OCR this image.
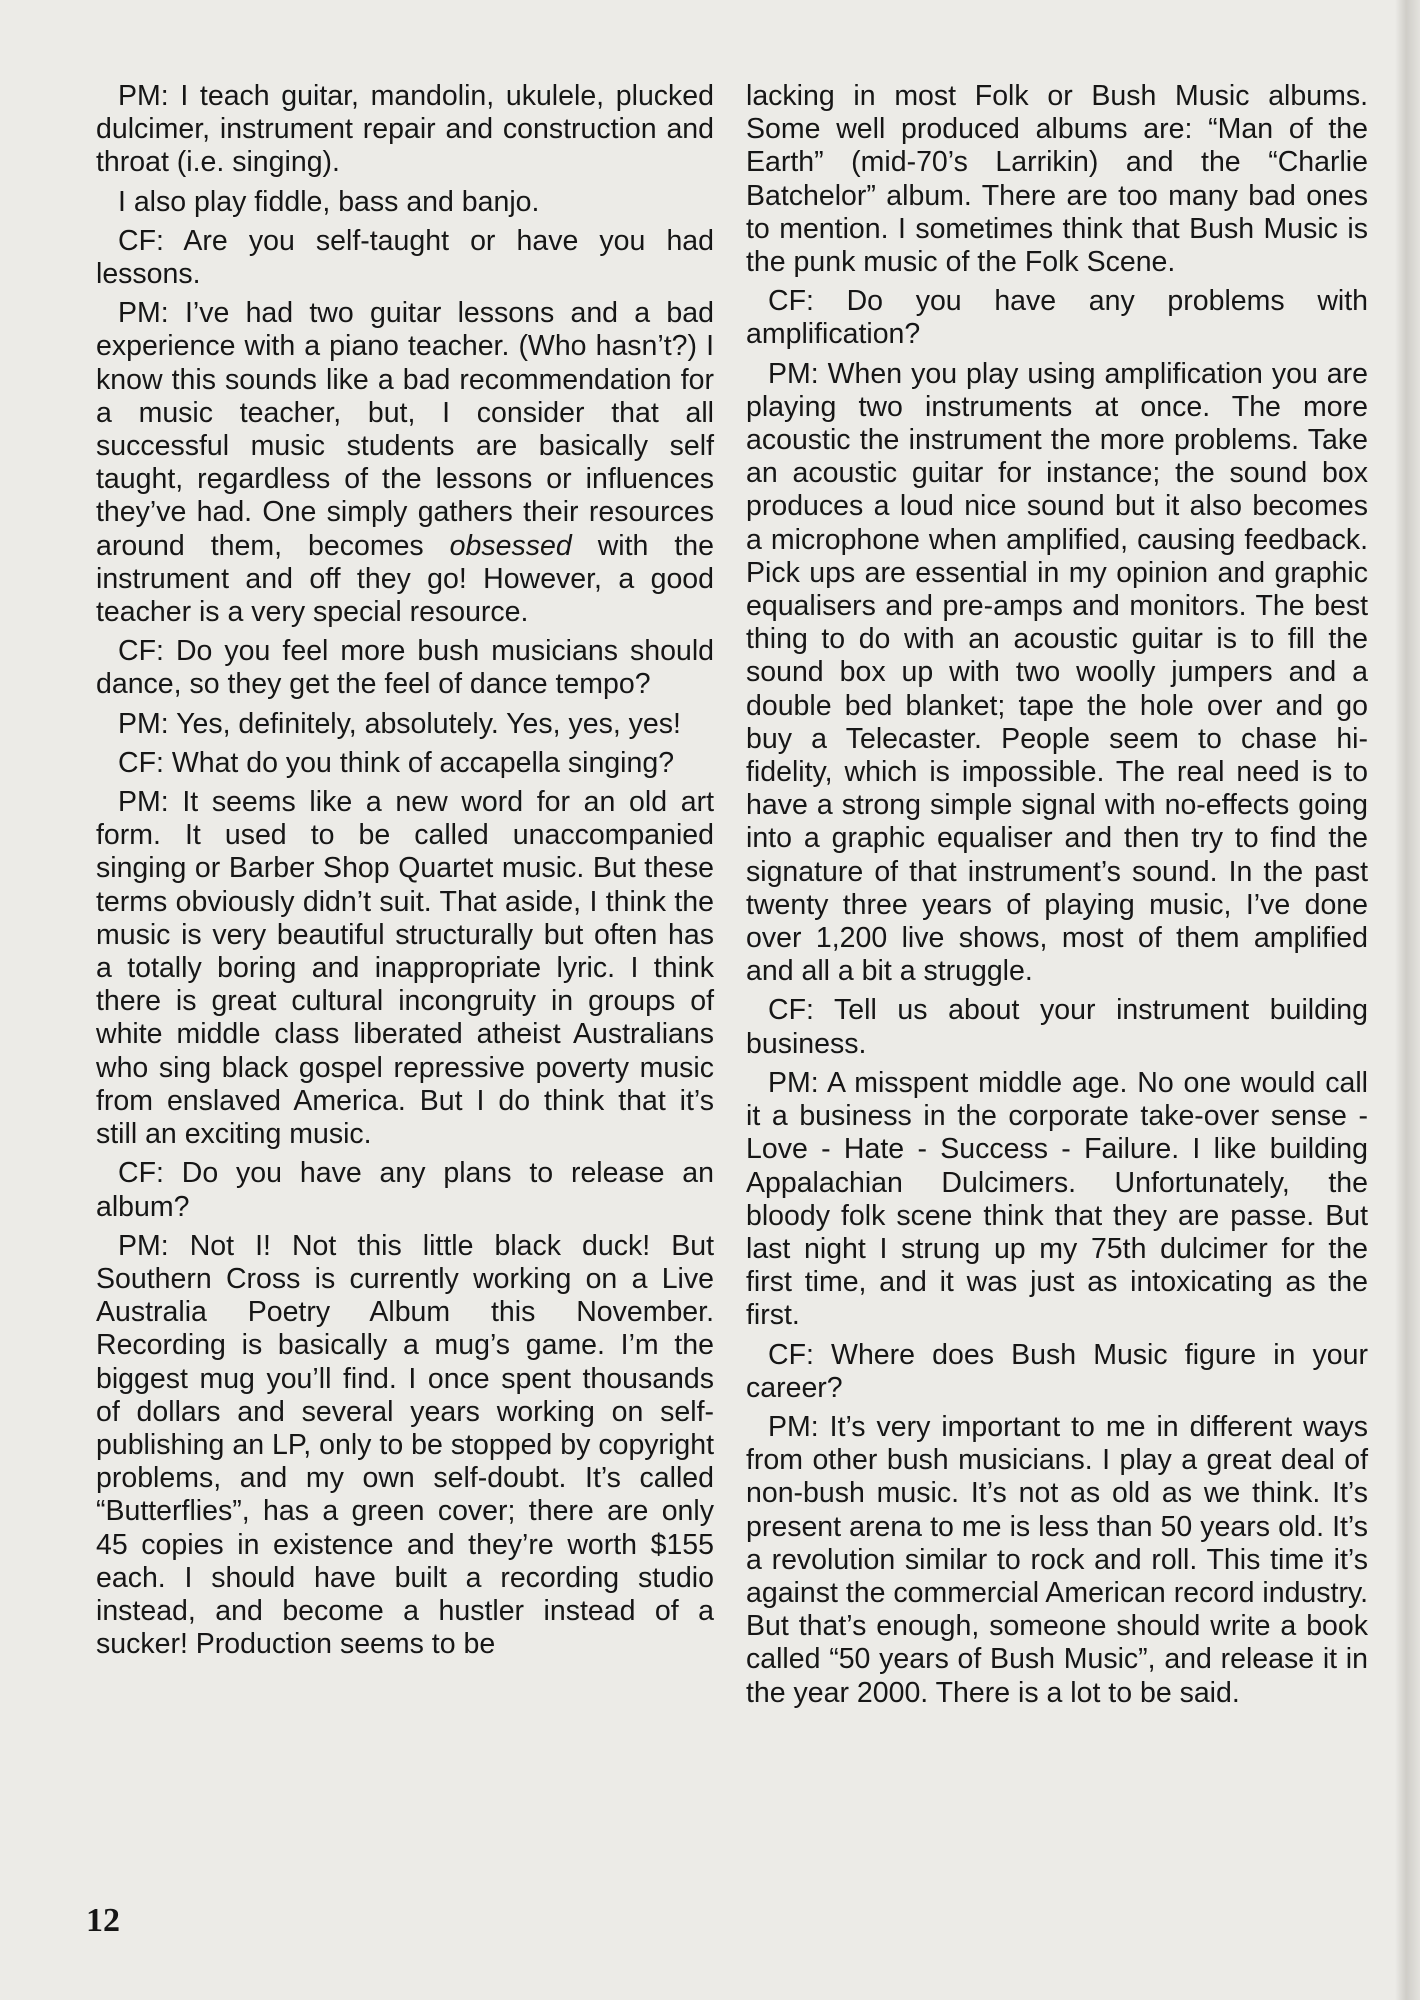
PM: I teach guitar, mandolin, ukulele, plucked dulcimer, instrument repair and construction and throat (i.e. singing).

I also play fiddle, bass and banjo.

CF: Are you self-taught or have you had lessons.

PM: I’ve had two guitar lessons and a bad experience with a piano teacher. (Who hasn’t?) I know this sounds like a bad recommendation for a music teacher, but, I consider that all successful music students are basically self taught, regardless of the lessons or influences they’ve had. One simply gathers their resources around them, becomes obsessed with the instrument and off they go! However, a good teacher is a very special resource.

CF: Do you feel more bush musicians should dance, so they get the feel of dance tempo?

PM: Yes, definitely, absolutely. Yes, yes, yes!

CF: What do you think of accapella singing?

PM: It seems like a new word for an old art form. It used to be called unaccompanied singing or Barber Shop Quartet music. But these terms obviously didn’t suit. That aside, I think the music is very beautiful structurally but often has a totally boring and inappropriate lyric. I think there is great cultural incongruity in groups of white middle class liberated atheist Australians who sing black gospel repressive poverty music from enslaved America. But I do think that it’s still an exciting music.

CF: Do you have any plans to release an album?

PM: Not I! Not this little black duck! But Southern Cross is currently working on a Live Australia Poetry Album this November. Recording is basically a mug’s game. I’m the biggest mug you’ll find. I once spent thousands of dollars and several years working on self-publishing an LP, only to be stopped by copyright problems, and my own self-doubt. It’s called “Butterflies”, has a green cover; there are only 45 copies in existence and they’re worth $155 each. I should have built a recording studio instead, and become a hustler instead of a sucker! Production seems to be

lacking in most Folk or Bush Music albums. Some well produced albums are: “Man of the Earth” (mid-70’s Larrikin) and the “Charlie Batchelor” album. There are too many bad ones to mention. I sometimes think that Bush Music is the punk music of the Folk Scene.

CF: Do you have any problems with amplification?

PM: When you play using amplification you are playing two instruments at once. The more acoustic the instrument the more problems. Take an acoustic guitar for instance; the sound box produces a loud nice sound but it also becomes a microphone when amplified, causing feedback. Pick ups are essential in my opinion and graphic equalisers and pre-amps and monitors. The best thing to do with an acoustic guitar is to fill the sound box up with two woolly jumpers and a double bed blanket; tape the hole over and go buy a Telecaster. People seem to chase hi-fidelity, which is impossible. The real need is to have a strong simple signal with no-effects going into a graphic equaliser and then try to find the signature of that instrument’s sound. In the past twenty three years of playing music, I’ve done over 1,200 live shows, most of them amplified and all a bit a struggle.

CF: Tell us about your instrument building business.

PM: A misspent middle age. No one would call it a business in the corporate take-over sense - Love - Hate - Success - Failure. I like building Appalachian Dulcimers. Unfortunately, the bloody folk scene think that they are passe. But last night I strung up my 75th dulcimer for the first time, and it was just as intoxicating as the first.

CF: Where does Bush Music figure in your career?

PM: It’s very important to me in different ways from other bush musicians. I play a great deal of non-bush music. It’s not as old as we think. It’s present arena to me is less than 50 years old. It’s a revolution similar to rock and roll. This time it’s against the commercial American record industry. But that’s enough, someone should write a book called “50 years of Bush Music”, and release it in the year 2000. There is a lot to be said.

12
